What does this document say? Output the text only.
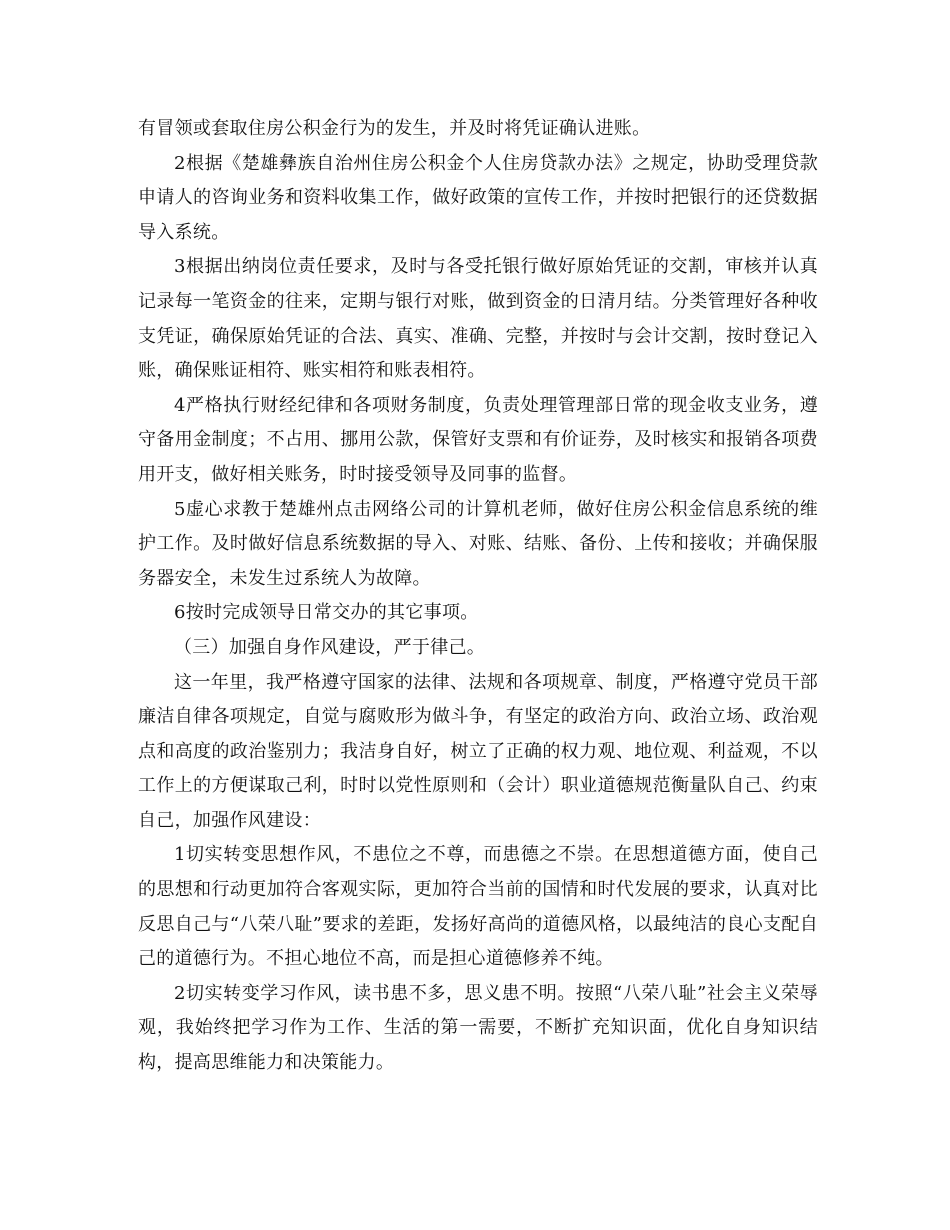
有冒领或套取住房公积金行为的发生，并及时将凭证确认进账。

2根据《楚雄彝族自治州住房公积金个人住房贷款办法》之规定，协助受理贷款申请人的咨询业务和资料收集工作，做好政策的宣传工作，并按时把银行的还贷数据导入系统。

3根据出纳岗位责任要求，及时与各受托银行做好原始凭证的交割，审核并认真记录每一笔资金的往来，定期与银行对账，做到资金的日清月结。分类管理好各种收支凭证，确保原始凭证的合法、真实、准确、完整，并按时与会计交割，按时登记入账，确保账证相符、账实相符和账表相符。

4严格执行财经纪律和各项财务制度，负责处理管理部日常的现金收支业务，遵守备用金制度；不占用、挪用公款，保管好支票和有价证券，及时核实和报销各项费用开支，做好相关账务，时时接受领导及同事的监督。

5虚心求教于楚雄州点击网络公司的计算机老师，做好住房公积金信息系统的维护工作。及时做好信息系统数据的导入、对账、结账、备份、上传和接收；并确保服务器安全，未发生过系统人为故障。

6按时完成领导日常交办的其它事项。

（三）加强自身作风建设，严于律己。

这一年里，我严格遵守国家的法律、法规和各项规章、制度，严格遵守党员干部廉洁自律各项规定，自觉与腐败形为做斗争，有坚定的政治方向、政治立场、政治观点和高度的政治鉴别力；我洁身自好，树立了正确的权力观、地位观、利益观，不以工作上的方便谋取己利，时时以党性原则和（会计）职业道德规范衡量队自己、约束自己，加强作风建设：

1切实转变思想作风，不患位之不尊，而患德之不崇。在思想道德方面，使自己的思想和行动更加符合客观实际，更加符合当前的国情和时代发展的要求，认真对比反思自己与“八荣八耻”要求的差距，发扬好高尚的道德风格，以最纯洁的良心支配自己的道德行为。不担心地位不高，而是担心道德修养不纯。

2切实转变学习作风，读书患不多，思义患不明。按照“八荣八耻”社会主义荣辱观，我始终把学习作为工作、生活的第一需要，不断扩充知识面，优化自身知识结构，提高思维能力和决策能力。
